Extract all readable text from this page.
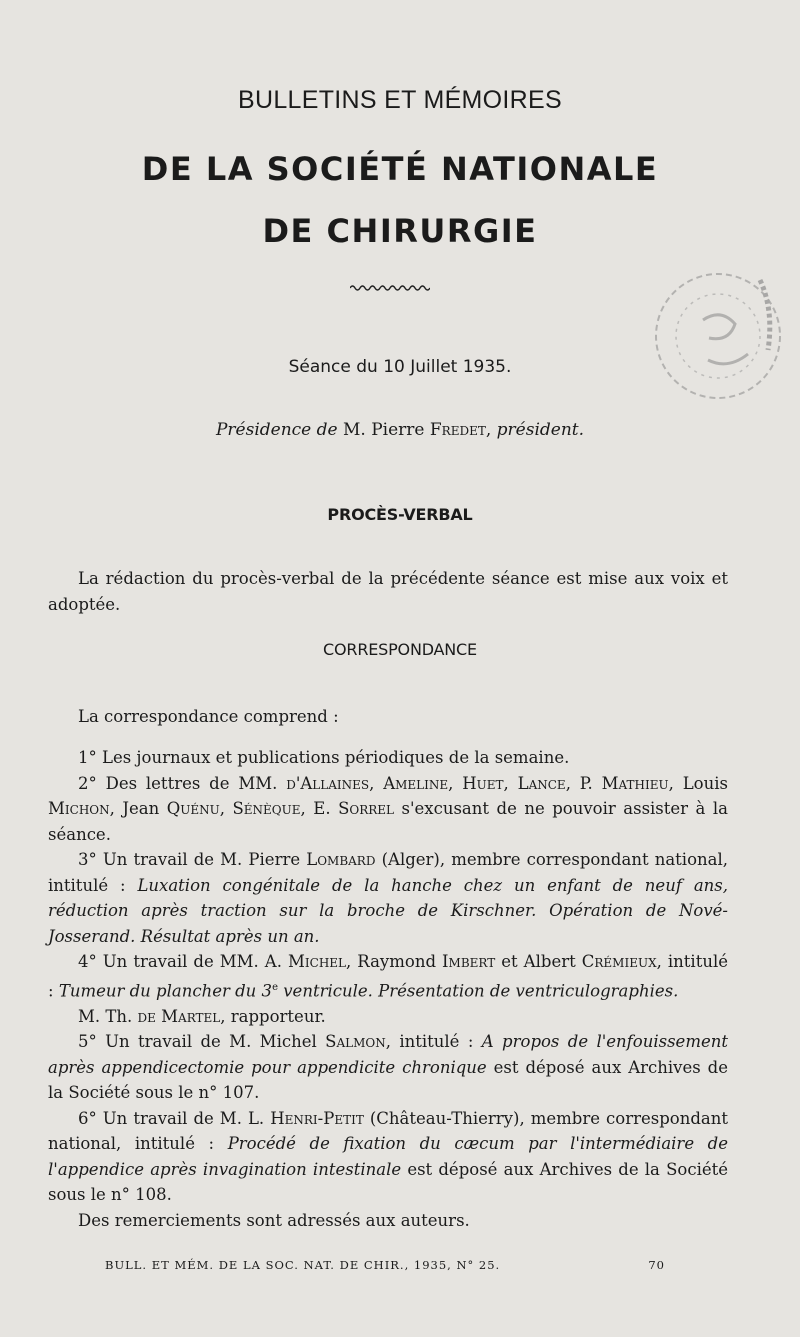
BULLETINS ET MÉMOIRES
DE LA SOCIÉTÉ NATIONALE
DE CHIRURGIE
Séance du 10 Juillet 1935.
Présidence de M. Pierre Fredet, président.
PROCÈS-VERBAL

La rédaction du procès-verbal de la précédente séance est mise aux voix et adoptée.

CORRESPONDANCE

La correspondance comprend :

1° Les journaux et publications périodiques de la semaine.

2° Des lettres de MM. d'Allaines, Ameline, Huet, Lance, P. Mathieu, Louis Michon, Jean Quénu, Sénèque, E. Sorrel s'excusant de ne pouvoir assister à la séance.

3° Un travail de M. Pierre Lombard (Alger), membre correspondant national, intitulé : Luxation congénitale de la hanche chez un enfant de neuf ans, réduction après traction sur la broche de Kirschner. Opération de Nové-Josserand. Résultat après un an.

4° Un travail de MM. A. Michel, Raymond Imbert et Albert Crémieux, intitulé : Tumeur du plancher du 3e ventricule. Présentation de ventriculographies.

M. Th. de Martel, rapporteur.

5° Un travail de M. Michel Salmon, intitulé : A propos de l'enfouissement après appendicectomie pour appendicite chronique est déposé aux Archives de la Société sous le n° 107.

6° Un travail de M. L. Henri-Petit (Château-Thierry), membre correspondant national, intitulé : Procédé de fixation du cæcum par l'intermédiaire de l'appendice après invagination intestinale est déposé aux Archives de la Société sous le n° 108.

Des remerciements sont adressés aux auteurs.

BULL. ET MÉM. DE LA SOC. NAT. DE CHIR., 1935, N° 25.	70
